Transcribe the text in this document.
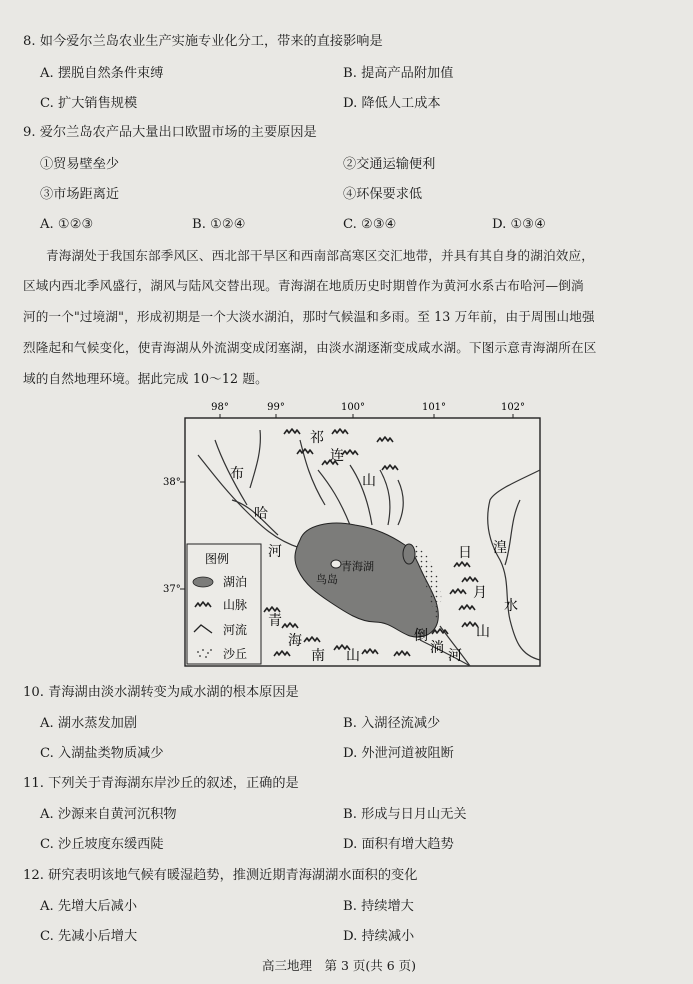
8. 如今爱尔兰岛农业生产实施专业化分工，带来的直接影响是
A. 摆脱自然条件束缚	B. 提高产品附加值
C. 扩大销售规模	D. 降低人工成本
9. 爱尔兰岛农产品大量出口欧盟市场的主要原因是
①贸易壁垒少	②交通运输便利
③市场距离近	④环保要求低
A. ①②③	B. ①②④	C. ②③④	D. ①③④
青海湖处于我国东部季风区、西北部干旱区和西南部高寒区交汇地带，并具有其自身的湖泊效应，
区域内西北季风盛行，湖风与陆风交替出现。青海湖在地质历史时期曾作为黄河水系古布哈河—倒淌
河的一个"过境湖"，形成初期是一个大淡水湖泊，那时气候温和多雨。至 13 万年前，由于周围山地强
烈隆起和气候变化，使青海湖从外流湖变成闭塞湖，由淡水湖逐渐变成咸水湖。下图示意青海湖所在区
域的自然地理环境。据此完成 10～12 题。
98°	99°	100°	101°	102°
38°
37°
祁
连
山
布
哈
河
青海湖
鸟岛
日
月
山
湟
水
青
海
南 山
倒
淌 河
图例
湖泊
山脉
河流
沙丘
10. 青海湖由淡水湖转变为咸水湖的根本原因是
A. 湖水蒸发加剧	B. 入湖径流减少
C. 入湖盐类物质减少	D. 外泄河道被阻断
11. 下列关于青海湖东岸沙丘的叙述，正确的是
A. 沙源来自黄河沉积物	B. 形成与日月山无关
C. 沙丘坡度东缓西陡	D. 面积有增大趋势
12. 研究表明该地气候有暖湿趋势，推测近期青海湖湖水面积的变化
A. 先增大后减小	B. 持续增大
C. 先减小后增大	D. 持续减小
高三地理　第 3 页(共 6 页)
